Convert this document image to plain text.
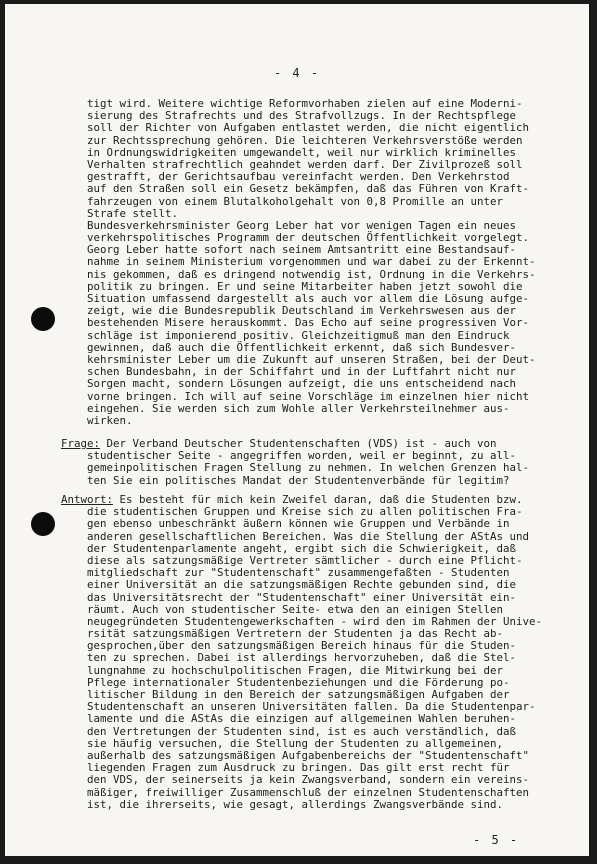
- 4 -
tigt wird. Weitere wichtige Reformvorhaben zielen auf eine Moderni-
sierung des Strafrechts und des Strafvollzugs. In der Rechtspflege
soll der Richter von Aufgaben entlastet werden, die nicht eigentlich
zur Rechtssprechung gehören. Die leichteren Verkehrsverstöße werden
in Ordnungswidrigkeiten umgewandelt, weil nur wirklich kriminelles
Verhalten strafrechtlich geahndet werden darf. Der Zivilprozeß soll
gestrafft, der Gerichtsaufbau vereinfacht werden. Den Verkehrstod
auf den Straßen soll ein Gesetz bekämpfen, daß das Führen von Kraft-
fahrzeugen von einem Blutalkoholgehalt von 0,8 Promille an unter
Strafe stellt.
Bundesverkehrsminister Georg Leber hat vor wenigen Tagen ein neues
verkehrspolitisches Programm der deutschen Öffentlichkeit vorgelegt.
Georg Leber hatte sofort nach seinem Amtsantritt eine Bestandsauf-
nahme in seinem Ministerium vorgenommen und war dabei zu der Erkennt-
nis gekommen, daß es dringend notwendig ist, Ordnung in die Verkehrs-
politik zu bringen. Er und seine Mitarbeiter haben jetzt sowohl die
Situation umfassend dargestellt als auch vor allem die Lösung aufge-
zeigt, wie die Bundesrepublik Deutschland im Verkehrswesen aus der
bestehenden Misere herauskommt. Das Echo auf seine progressiven Vor-
schläge ist imponierend positiv. Gleichzeitigmuß man den Eindruck
gewinnen, daß auch die Öffentlichkeit erkennt, daß sich Bundesver-
kehrsminister Leber um die Zukunft auf unseren Straßen, bei der Deut-
schen Bundesbahn, in der Schiffahrt und in der Luftfahrt nicht nur
Sorgen macht, sondern Lösungen aufzeigt, die uns entscheidend nach
vorne bringen. Ich will auf seine Vorschläge im einzelnen hier nicht
eingehen. Sie werden sich zum Wohle aller Verkehrsteilnehmer aus-
wirken.
Frage: Der Verband Deutscher Studentenschaften (VDS) ist - auch von
studentischer Seite - angegriffen worden, weil er beginnt, zu all-
gemeinpolitischen Fragen Stellung zu nehmen. In welchen Grenzen hal-
ten Sie ein politisches Mandat der Studentenverbände für legitim?
Antwort: Es besteht für mich kein Zweifel daran, daß die Studenten bzw.
die studentischen Gruppen und Kreise sich zu allen politischen Fra-
gen ebenso unbeschränkt äußern können wie Gruppen und Verbände in
anderen gesellschaftlichen Bereichen. Was die Stellung der AStAs und
der Studentenparlamente angeht, ergibt sich die Schwierigkeit, daß
diese als satzungsmäßige Vertreter sämtlicher - durch eine Pflicht-
mitgliedschaft zur "Studentenschaft" zusammengefaßten - Studenten
einer Universität an die satzungsmäßigen Rechte gebunden sind, die
das Universitätsrecht der "Studentenschaft" einer Universität ein-
räumt. Auch von studentischer Seite- etwa den an einigen Stellen
neugegründeten Studentengewerkschaften - wird den im Rahmen der Unive-
rsität satzungsmäßigen Vertretern der Studenten ja das Recht ab-
gesprochen,über den satzungsmäßigen Bereich hinaus für die Studen-
ten zu sprechen. Dabei ist allerdings hervorzuheben, daß die Stel-
lungnahme zu hochschulpolitischen Fragen, die Mitwirkung bei der
Pflege internationaler Studentenbeziehungen und die Förderung po-
litischer Bildung in den Bereich der satzungsmäßigen Aufgaben der
Studentenschaft an unseren Universitäten fallen. Da die Studentenpar-
lamente und die AStAs die einzigen auf allgemeinen Wahlen beruhen-
den Vertretungen der Studenten sind, ist es auch verständlich, daß
sie häufig versuchen, die Stellung der Studenten zu allgemeinen,
außerhalb des satzungsmäßigen Aufgabenbereichs der "Studentenschaft"
liegenden Fragen zum Ausdruck zu bringen. Das gilt erst recht für
den VDS, der seinerseits ja kein Zwangsverband, sondern ein vereins-
mäßiger, freiwilliger Zusammenschluß der einzelnen Studentenschaften
ist, die ihrerseits, wie gesagt, allerdings Zwangsverbände sind.
- 5 -
